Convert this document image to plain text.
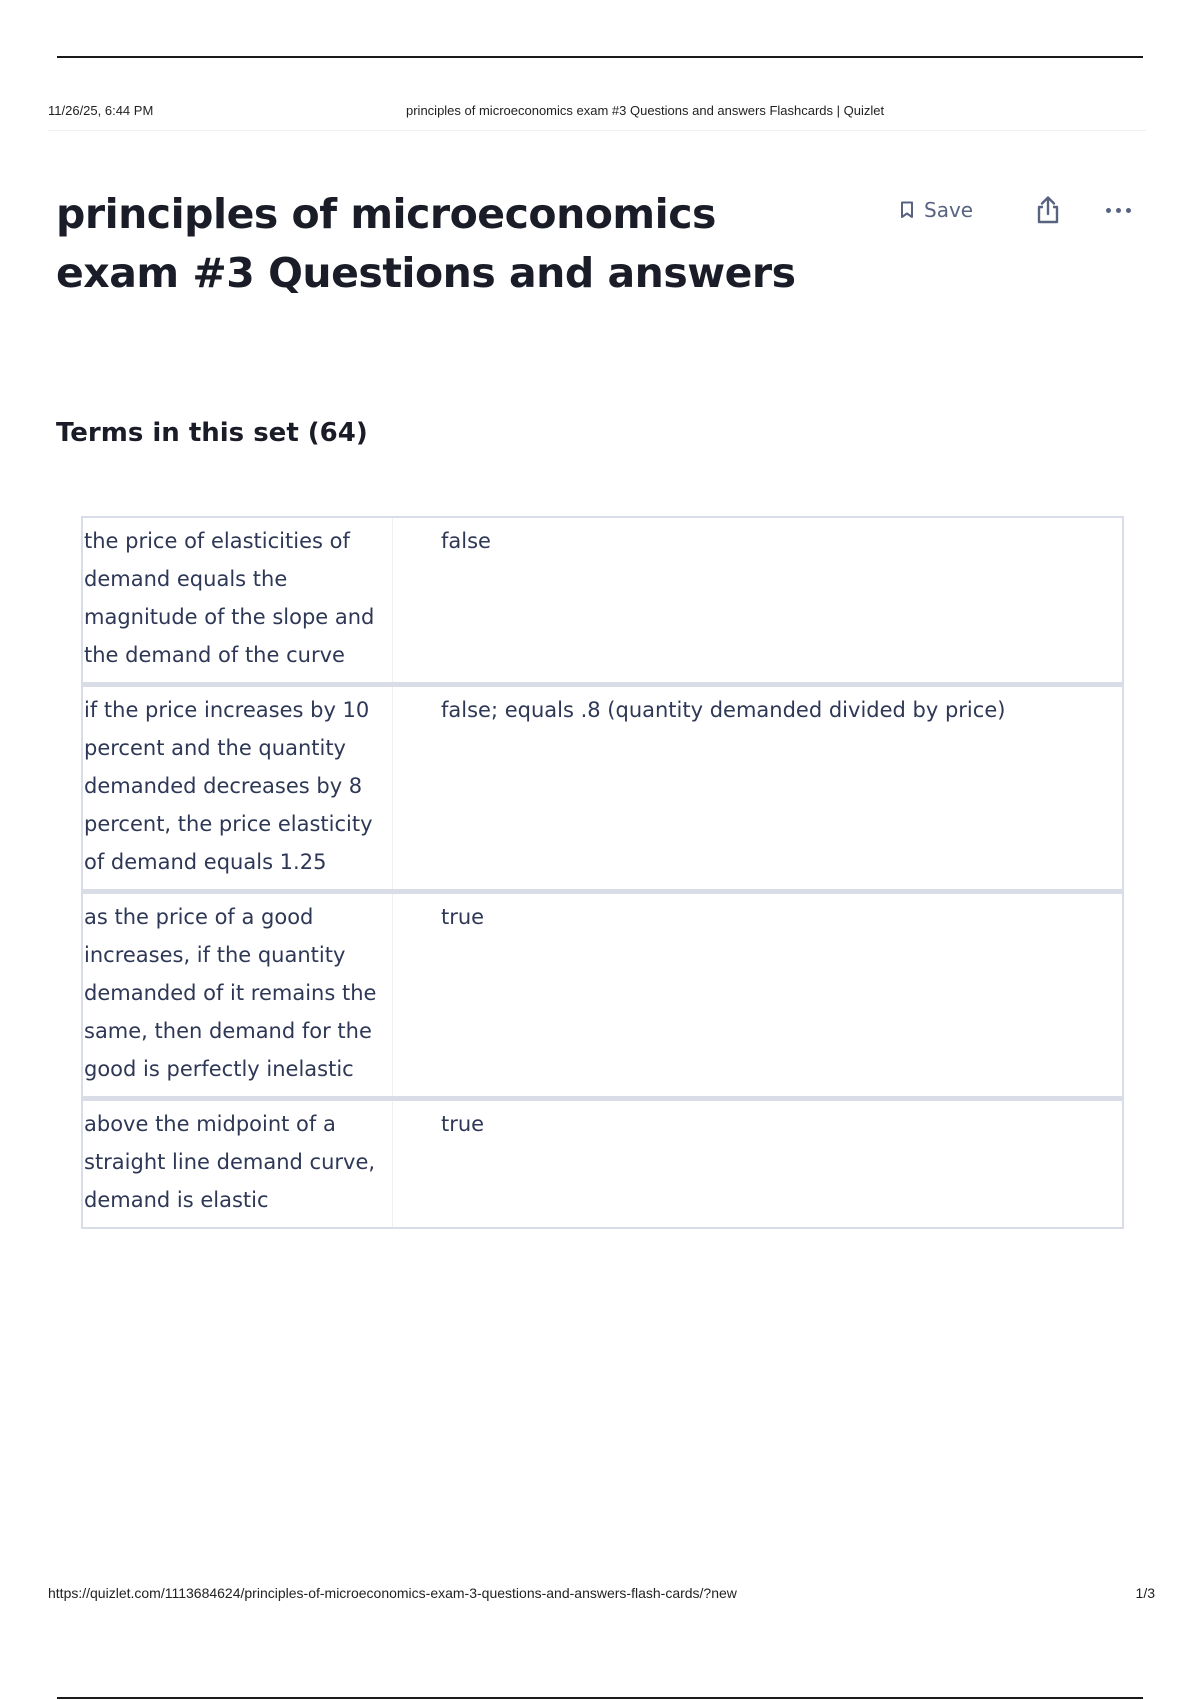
11/26/25, 6:44 PM	principles of microeconomics exam #3 Questions and answers Flashcards | Quizlet
principles of microeconomics
exam #3 Questions and answers
Save
Terms in this set (64)
the price of elasticities of demand equals the magnitude of the slope and the demand of the curve
false
if the price increases by 10 percent and the quantity demanded decreases by 8 percent, the price elasticity of demand equals 1.25
false; equals .8 (quantity demanded divided by price)
as the price of a good increases, if the quantity demanded of it remains the same, then demand for the good is perfectly inelastic
true
above the midpoint of a straight line demand curve, demand is elastic
true
https://quizlet.com/1113684624/principles-of-microeconomics-exam-3-questions-and-answers-flash-cards/?new	1/3
